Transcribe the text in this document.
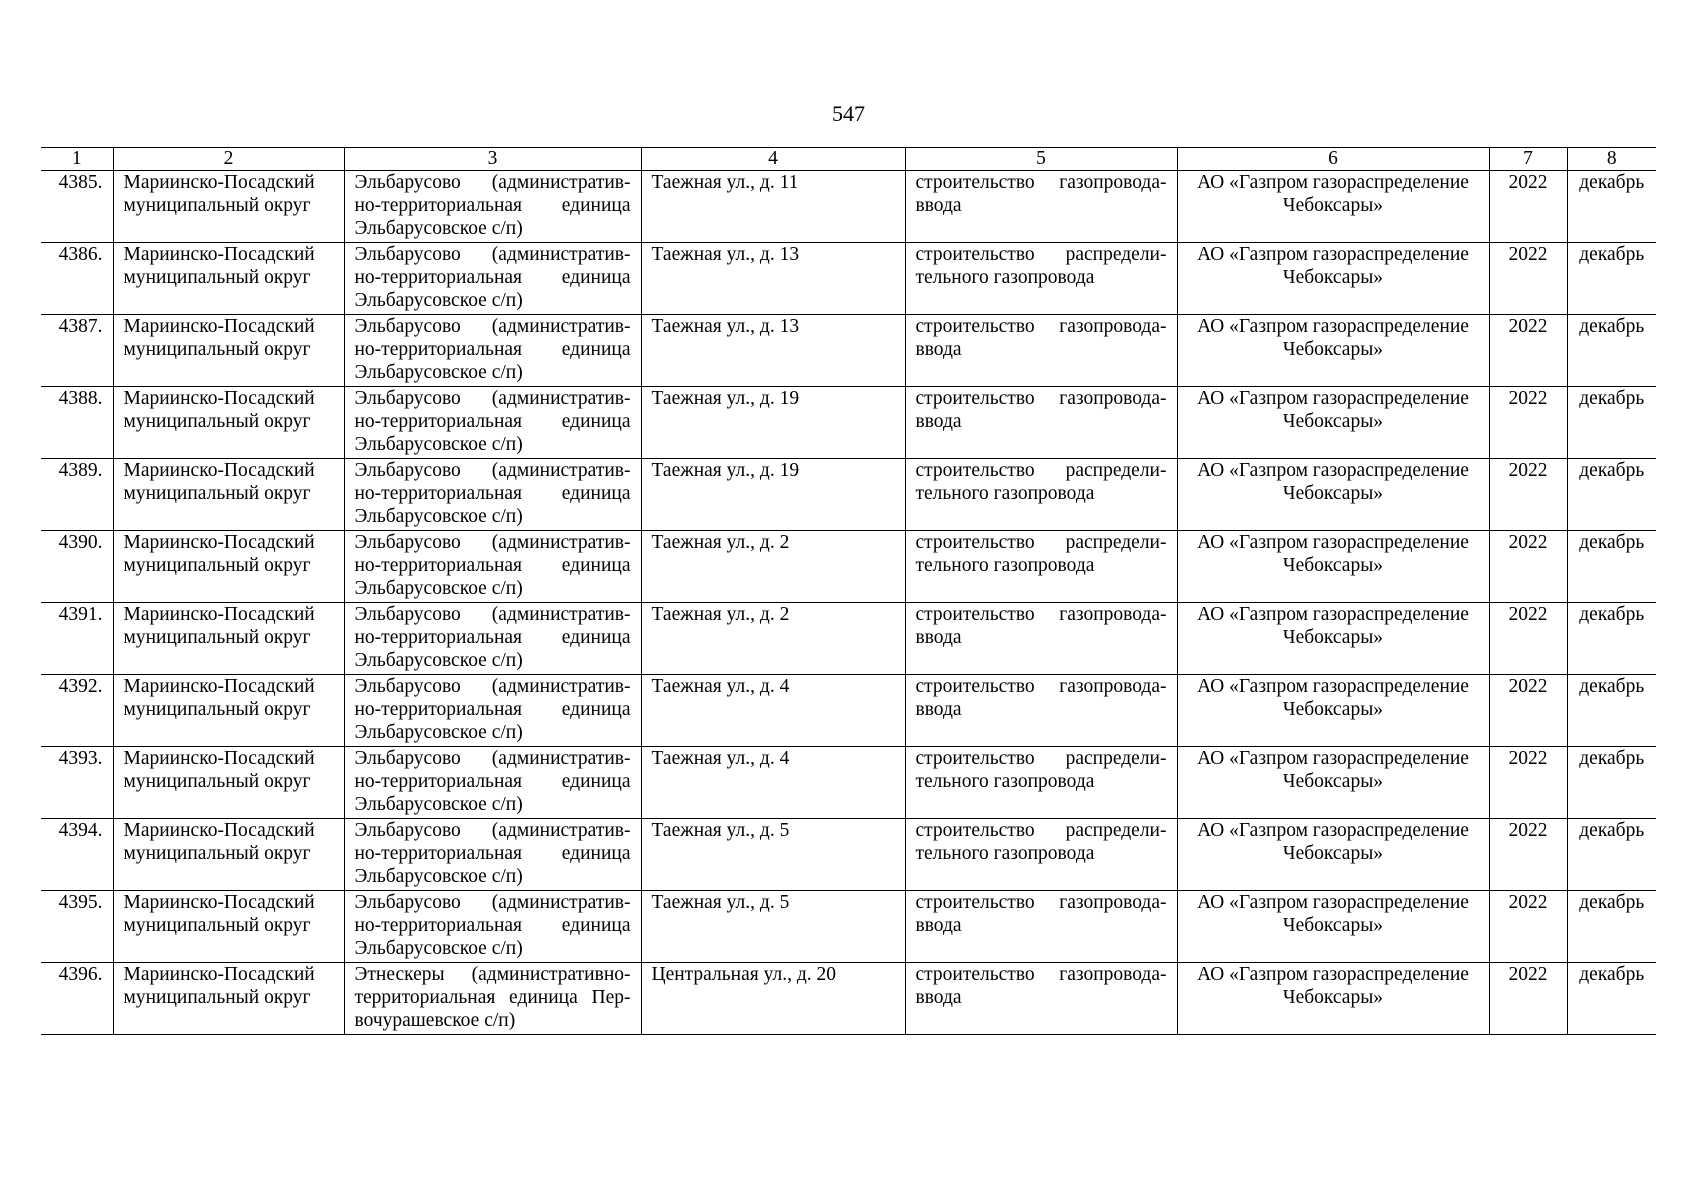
547
1	2	3	4	5	6	7	8
4385.	Мариинско-Посадский муниципальный округ	Эльбарусово (административ-но-территориальная единица Эльбарусовское с/п)	Таежная ул., д. 11	строительство газопровода-ввода	АО «Газпром газораспределение Чебоксары»	2022	декабрь
4386.	Мариинско-Посадский муниципальный округ	Эльбарусово (административ-но-территориальная единица Эльбарусовское с/п)	Таежная ул., д. 13	строительство распредели-тельного газопровода	АО «Газпром газораспределение Чебоксары»	2022	декабрь
4387.	Мариинско-Посадский муниципальный округ	Эльбарусово (административ-но-территориальная единица Эльбарусовское с/п)	Таежная ул., д. 13	строительство газопровода-ввода	АО «Газпром газораспределение Чебоксары»	2022	декабрь
4388.	Мариинско-Посадский муниципальный округ	Эльбарусово (административ-но-территориальная единица Эльбарусовское с/п)	Таежная ул., д. 19	строительство газопровода-ввода	АО «Газпром газораспределение Чебоксары»	2022	декабрь
4389.	Мариинско-Посадский муниципальный округ	Эльбарусово (административ-но-территориальная единица Эльбарусовское с/п)	Таежная ул., д. 19	строительство распредели-тельного газопровода	АО «Газпром газораспределение Чебоксары»	2022	декабрь
4390.	Мариинско-Посадский муниципальный округ	Эльбарусово (административ-но-территориальная единица Эльбарусовское с/п)	Таежная ул., д. 2	строительство распредели-тельного газопровода	АО «Газпром газораспределение Чебоксары»	2022	декабрь
4391.	Мариинско-Посадский муниципальный округ	Эльбарусово (административ-но-территориальная единица Эльбарусовское с/п)	Таежная ул., д. 2	строительство газопровода-ввода	АО «Газпром газораспределение Чебоксары»	2022	декабрь
4392.	Мариинско-Посадский муниципальный округ	Эльбарусово (административ-но-территориальная единица Эльбарусовское с/п)	Таежная ул., д. 4	строительство газопровода-ввода	АО «Газпром газораспределение Чебоксары»	2022	декабрь
4393.	Мариинско-Посадский муниципальный округ	Эльбарусово (административ-но-территориальная единица Эльбарусовское с/п)	Таежная ул., д. 4	строительство распредели-тельного газопровода	АО «Газпром газораспределение Чебоксары»	2022	декабрь
4394.	Мариинско-Посадский муниципальный округ	Эльбарусово (административ-но-территориальная единица Эльбарусовское с/п)	Таежная ул., д. 5	строительство распредели-тельного газопровода	АО «Газпром газораспределение Чебоксары»	2022	декабрь
4395.	Мариинско-Посадский муниципальный округ	Эльбарусово (административ-но-территориальная единица Эльбарусовское с/п)	Таежная ул., д. 5	строительство газопровода-ввода	АО «Газпром газораспределение Чебоксары»	2022	декабрь
4396.	Мариинско-Посадский муниципальный округ	Этнескеры (административно-территориальная единица Пер-вочурашевское с/п)	Центральная ул., д. 20	строительство газопровода-ввода	АО «Газпром газораспределение Чебоксары»	2022	декабрь
